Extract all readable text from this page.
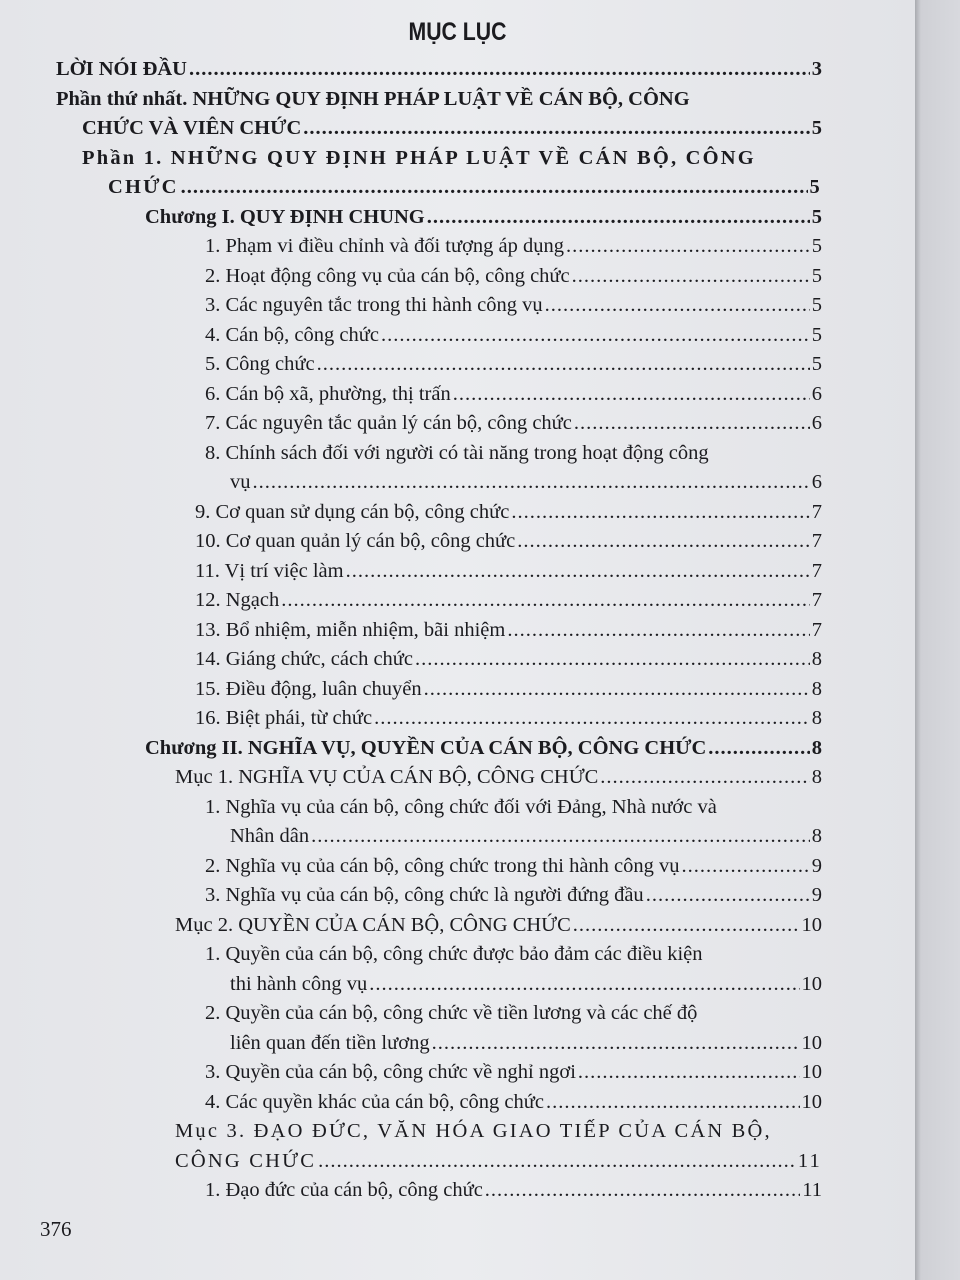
MỤC LỤC
LỜI NÓI ĐẦU .....	3
Phần thứ nhất. NHỮNG QUY ĐỊNH PHÁP LUẬT VỀ CÁN BỘ, CÔNG
CHỨC VÀ VIÊN CHỨC .....	5
Phần 1. NHỮNG QUY ĐỊNH PHÁP LUẬT VỀ CÁN BỘ, CÔNG
CHỨC .....	5
Chương I. QUY ĐỊNH CHUNG .....	5
1. Phạm vi điều chỉnh và đối tượng áp dụng .....	5
2. Hoạt động công vụ của cán bộ, công chức .....	5
3. Các nguyên tắc trong thi hành công vụ .....	5
4. Cán bộ, công chức .....	5
5. Công chức .....	5
6. Cán bộ xã, phường, thị trấn .....	6
7. Các nguyên tắc quản lý cán bộ, công chức .....	6
8. Chính sách đối với người có tài năng trong hoạt động công
vụ .....	6
9. Cơ quan sử dụng cán bộ, công chức .....	7
10. Cơ quan quản lý cán bộ, công chức .....	7
11. Vị trí việc làm .....	7
12. Ngạch .....	7
13. Bổ nhiệm, miễn nhiệm, bãi nhiệm .....	7
14. Giáng chức, cách chức .....	8
15. Điều động, luân chuyển .....	8
16. Biệt phái, từ chức .....	8
Chương II. NGHĨA VỤ, QUYỀN CỦA CÁN BỘ, CÔNG CHỨC .....	8
Mục 1. NGHĨA VỤ CỦA CÁN BỘ, CÔNG CHỨC .....	8
1. Nghĩa vụ của cán bộ, công chức đối với Đảng, Nhà nước và
Nhân dân .....	8
2. Nghĩa vụ của cán bộ, công chức trong thi hành công vụ .....	9
3. Nghĩa vụ của cán bộ, công chức là người đứng đầu .....	9
Mục 2. QUYỀN CỦA CÁN BỘ, CÔNG CHỨC .....	10
1. Quyền của cán bộ, công chức được bảo đảm các điều kiện
thi hành công vụ .....	10
2. Quyền của cán bộ, công chức về tiền lương và các chế độ
liên quan đến tiền lương .....	10
3. Quyền của cán bộ, công chức về nghỉ ngơi .....	10
4. Các quyền khác của cán bộ, công chức .....	10
Mục 3. ĐẠO ĐỨC, VĂN HÓA GIAO TIẾP CỦA CÁN BỘ,
CÔNG CHỨC .....	11
1. Đạo đức của cán bộ, công chức .....	11
376
